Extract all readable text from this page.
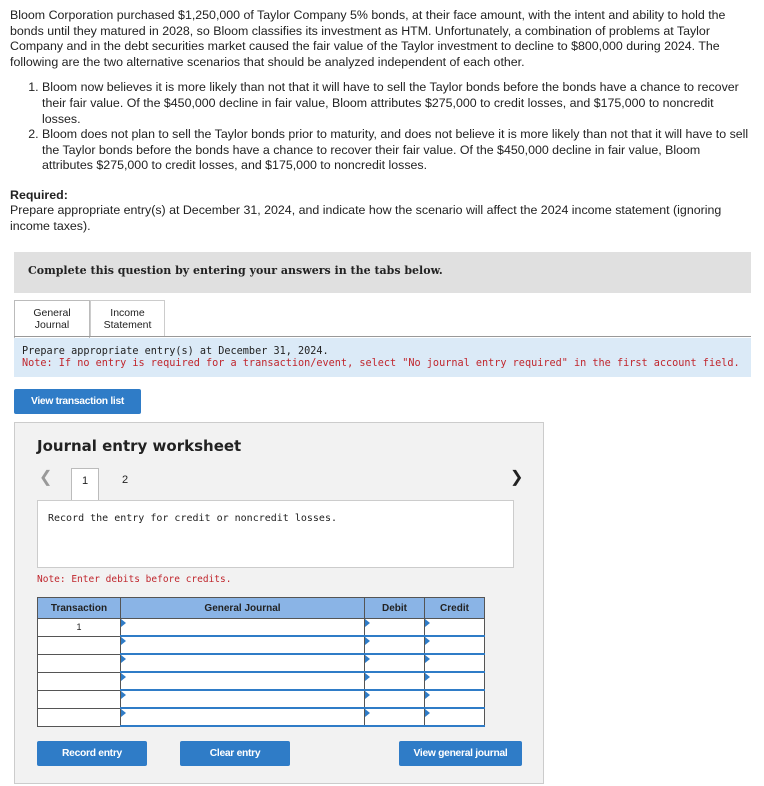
Bloom Corporation purchased $1,250,000 of Taylor Company 5% bonds, at their face amount, with the intent and ability to hold the bonds until they matured in 2028, so Bloom classifies its investment as HTM. Unfortunately, a combination of problems at Taylor Company and in the debt securities market caused the fair value of the Taylor investment to decline to $800,000 during 2024. The following are the two alternative scenarios that should be analyzed independent of each other.

1. Bloom now believes it is more likely than not that it will have to sell the Taylor bonds before the bonds have a chance to recover their fair value. Of the $450,000 decline in fair value, Bloom attributes $275,000 to credit losses, and $175,000 to noncredit losses.
2. Bloom does not plan to sell the Taylor bonds prior to maturity, and does not believe it is more likely than not that it will have to sell the Taylor bonds before the bonds have a chance to recover their fair value. Of the $450,000 decline in fair value, Bloom attributes $275,000 to credit losses, and $175,000 to noncredit losses.
Required:
Prepare appropriate entry(s) at December 31, 2024, and indicate how the scenario will affect the 2024 income statement (ignoring income taxes).
Complete this question by entering your answers in the tabs below.
General
Journal
Income
Statement
Prepare appropriate entry(s) at December 31, 2024.
Note: If no entry is required for a transaction/event, select "No journal entry required" in the first account field.
View transaction list
Journal entry worksheet
❮	1	2	❯
Record the entry for credit or noncredit losses.
Note: Enter debits before credits.
Transaction	General Journal	Debit	Credit
1	

Record entry	Clear entry	View general journal
